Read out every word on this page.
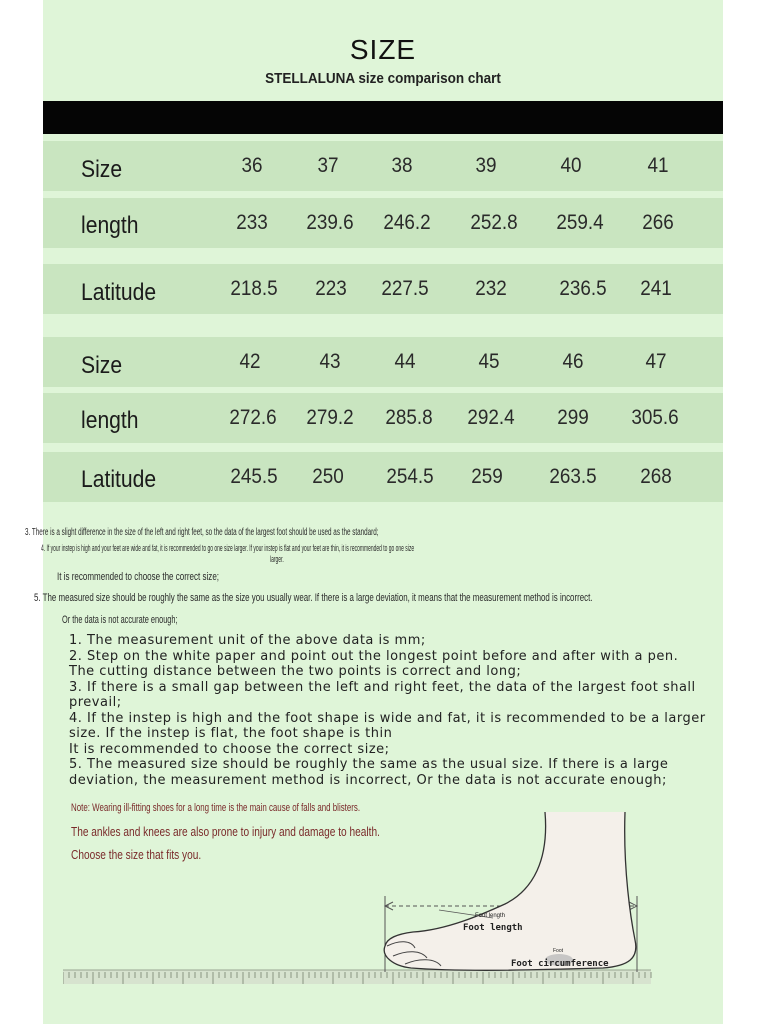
SIZE
STELLALUNA size comparison chart
Size	36	37	38	39	40	41
length	233 239.6 246.2 252.8 259.4 266
Latitude	218.5 223 227.5 232	236.5 241
Size	42	43	44	45	46	47
length	272.6 279.2 285.8 292.4 299 305.6
Latitude	245.5 250 254.5 259 263.5 268
3. There is a slight difference in the size of the left and right feet, so the data of the largest foot should be used as the standard;
4. If your instep is high and your feet are wide and fat, it is recommended to go one size larger. If your instep is flat and your feet are thin, it is recommended to go one size
larger.
It is recommended to choose the correct size;
5. The measured size should be roughly the same as the size you usually wear. If there is a large deviation, it means that the measurement method is incorrect.
Or the data is not accurate enough;
1. The measurement unit of the above data is mm;
2. Step on the white paper and point out the longest point before and after with a pen.
The cutting distance between the two points is correct and long;
3. If there is a small gap between the left and right feet, the data of the largest foot shall
prevail;
4. If the instep is high and the foot shape is wide and fat, it is recommended to be a larger
size. If the instep is flat, the foot shape is thin
It is recommended to choose the correct size;
5. The measured size should be roughly the same as the usual size. If there is a large
deviation, the measurement method is incorrect, Or the data is not accurate enough;
Note: Wearing ill-fitting shoes for a long time is the main cause of falls and blisters.
The ankles and knees are also prone to injury and damage to health.
Choose the size that fits you.
Foot length
Foot length
Foot
Foot circumference
